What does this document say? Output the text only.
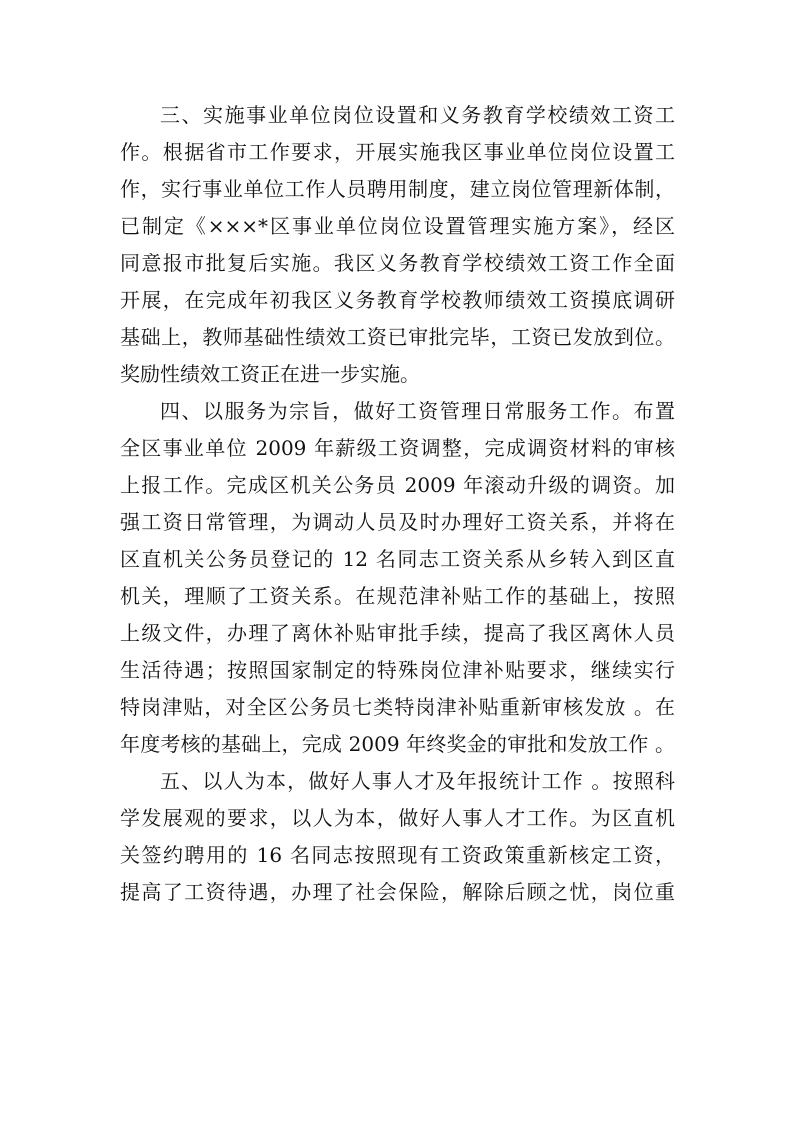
三、实施事业单位岗位设置和义务教育学校绩效工资工
作。根据省市工作要求，开展实施我区事业单位岗位设置工
作，实行事业单位工作人员聘用制度，建立岗位管理新体制，
已制定《×××*区事业单位岗位设置管理实施方案》，经区
同意报市批复后实施。我区义务教育学校绩效工资工作全面
开展，在完成年初我区义务教育学校教师绩效工资摸底调研
基础上，教师基础性绩效工资已审批完毕，工资已发放到位。
奖励性绩效工资正在进一步实施。
四、以服务为宗旨，做好工资管理日常服务工作。布置
全区事业单位 2009 年薪级工资调整，完成调资材料的审核
上报工作。完成区机关公务员 2009 年滚动升级的调资。加
强工资日常管理，为调动人员及时办理好工资关系，并将在
区直机关公务员登记的 12 名同志工资关系从乡转入到区直
机关，理顺了工资关系。在规范津补贴工作的基础上，按照
上级文件，办理了离休补贴审批手续，提高了我区离休人员
生活待遇；按照国家制定的特殊岗位津补贴要求，继续实行
特岗津贴，对全区公务员七类特岗津补贴重新审核发放 。在
年度考核的基础上，完成 2009 年终奖金的审批和发放工作 。
五、以人为本，做好人事人才及年报统计工作 。按照科
学发展观的要求，以人为本，做好人事人才工作。为区直机
关签约聘用的 16 名同志按照现有工资政策重新核定工资，
提高了工资待遇，办理了社会保险，解除后顾之忧，岗位重
